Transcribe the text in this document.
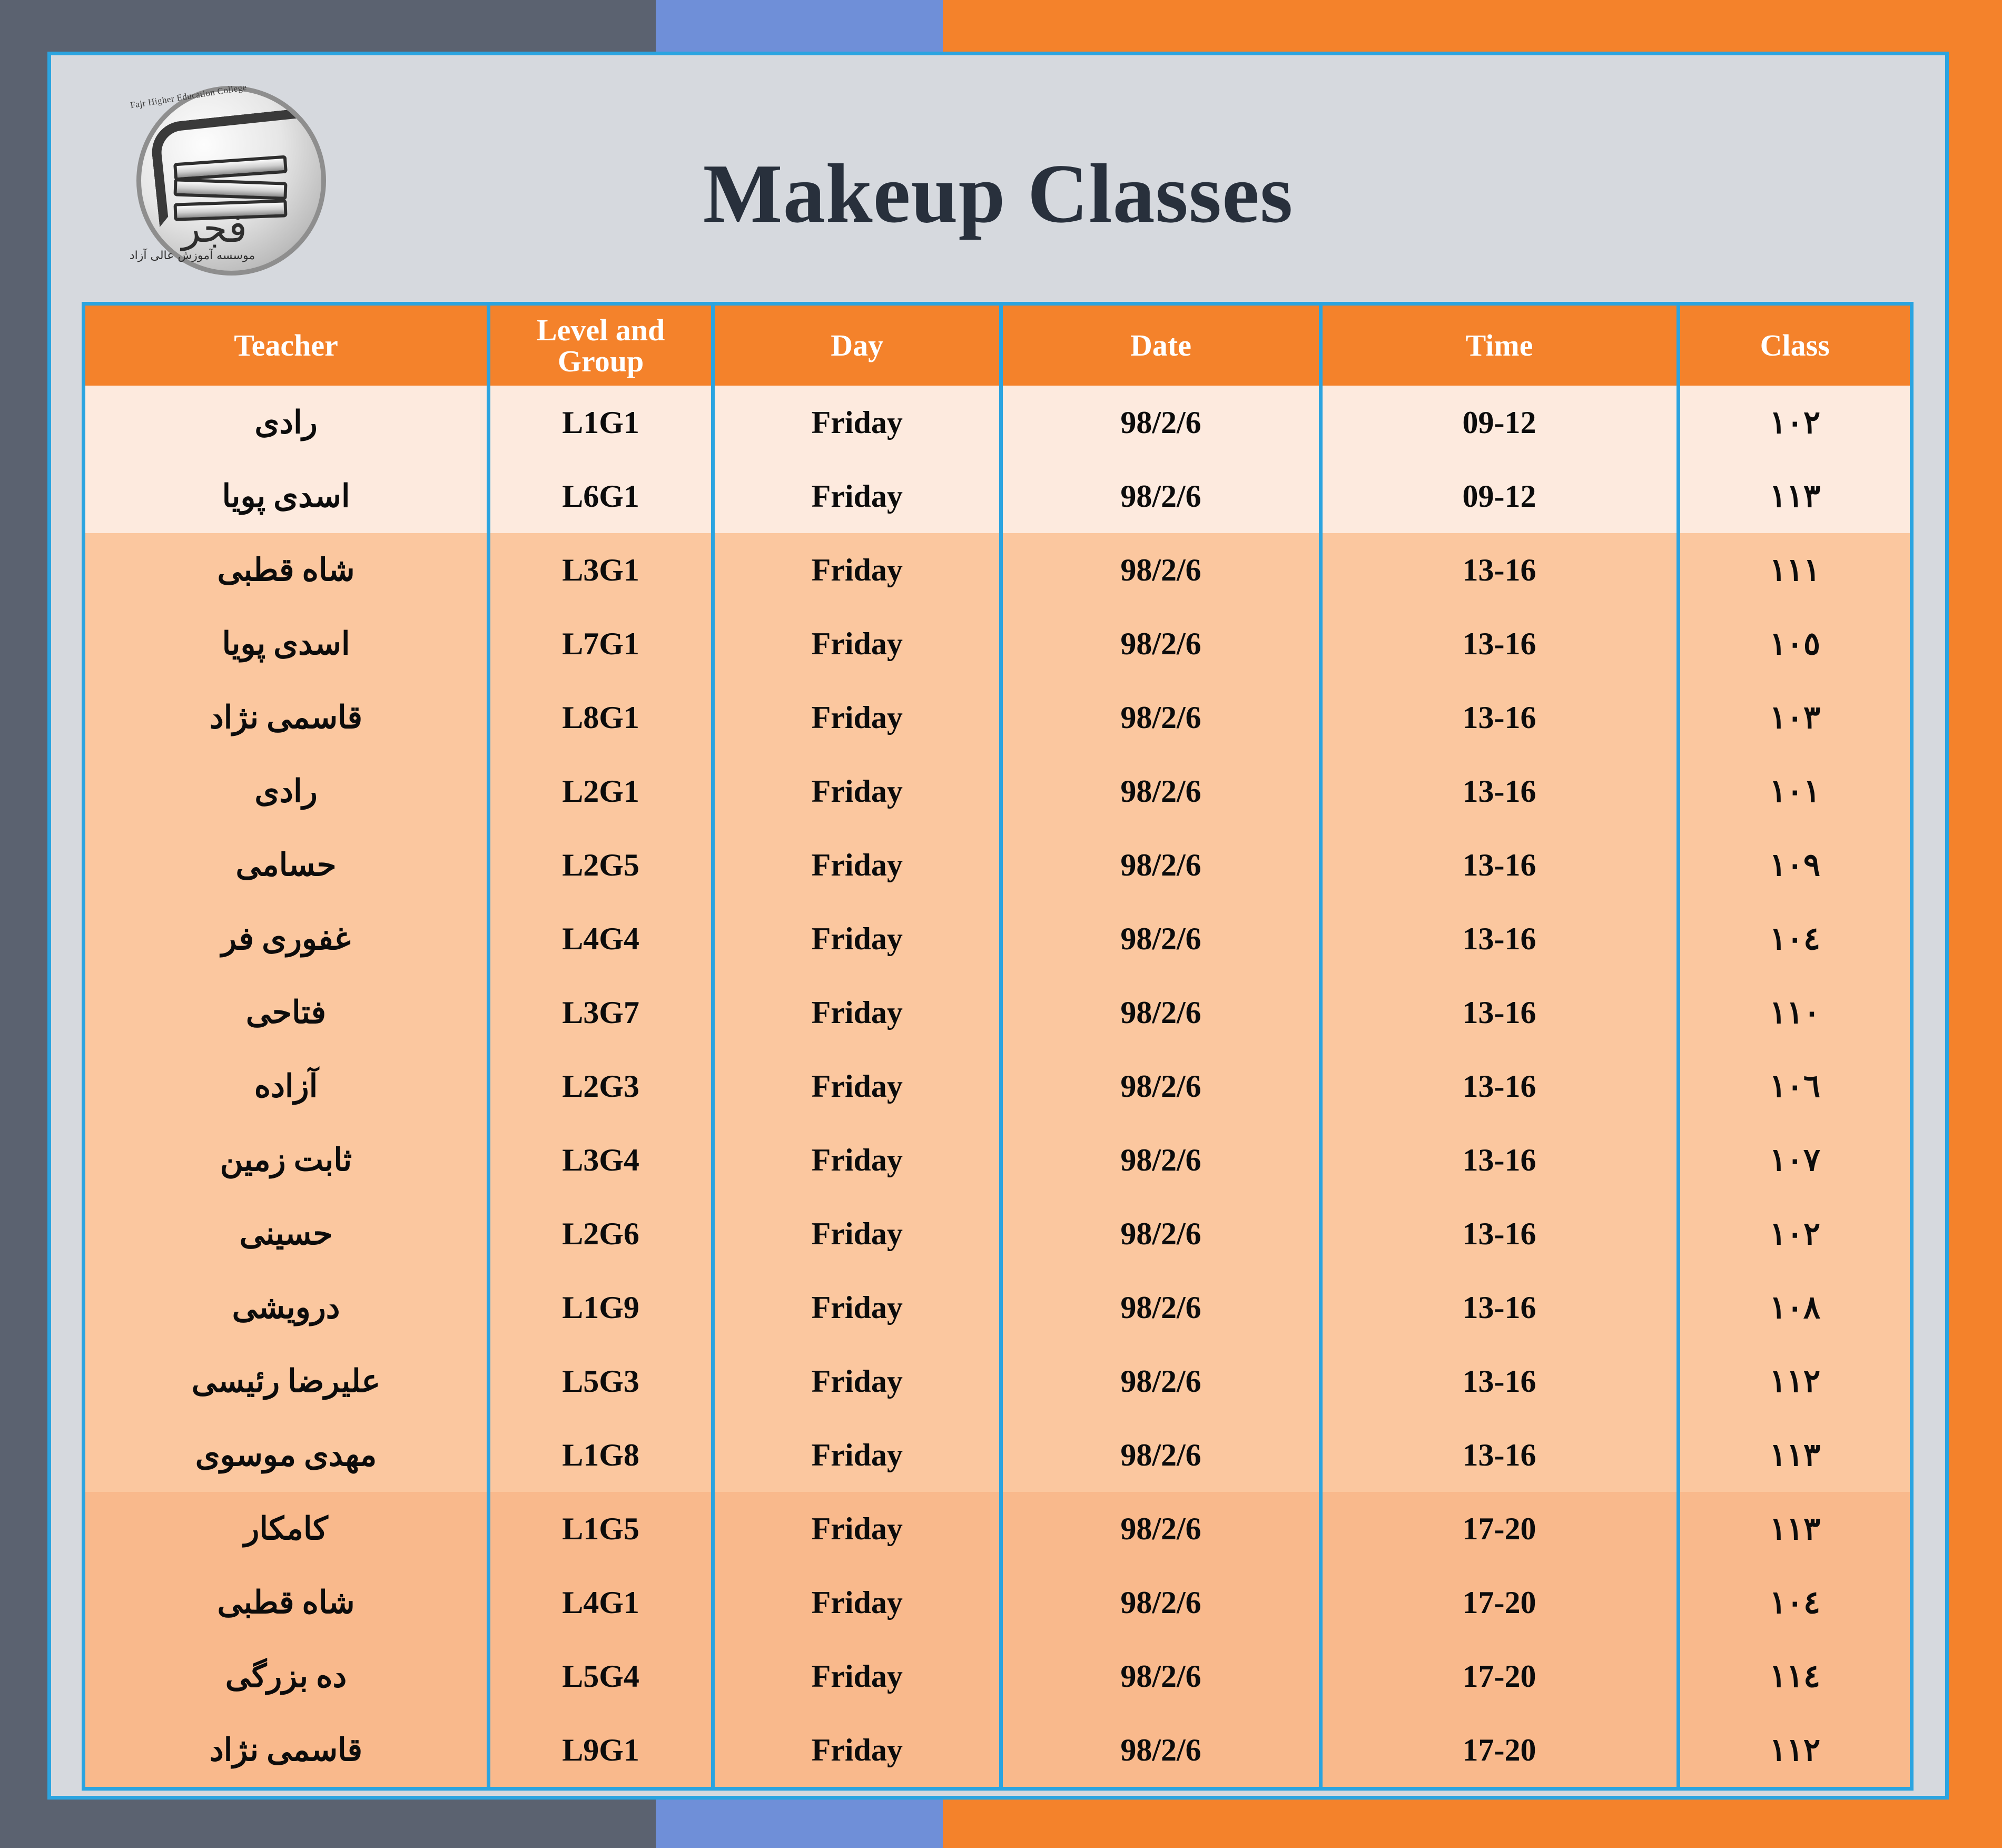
Fajr Higher Education College
فجر
موسسه آموزش عالی آزاد
Makeup Classes
Teacher	Level and Group	Day	Date	Time	Class
رادی	L1G1	Friday	98/2/6	09-12	١٠٢
اسدی پویا	L6G1	Friday	98/2/6	09-12	١١٣
شاه قطبی	L3G1	Friday	98/2/6	13-16	١١١
اسدی پویا	L7G1	Friday	98/2/6	13-16	١٠٥
قاسمی نژاد	L8G1	Friday	98/2/6	13-16	١٠٣
رادی	L2G1	Friday	98/2/6	13-16	١٠١
حسامی	L2G5	Friday	98/2/6	13-16	١٠٩
غفوری فر	L4G4	Friday	98/2/6	13-16	١٠٤
فتاحی	L3G7	Friday	98/2/6	13-16	١١٠
آزاده	L2G3	Friday	98/2/6	13-16	١٠٦
ثابت زمین	L3G4	Friday	98/2/6	13-16	١٠٧
حسینی	L2G6	Friday	98/2/6	13-16	١٠٢
درویشی	L1G9	Friday	98/2/6	13-16	١٠٨
علیرضا رئیسی	L5G3	Friday	98/2/6	13-16	١١٢
مهدی موسوی	L1G8	Friday	98/2/6	13-16	١١٣
کامکار	L1G5	Friday	98/2/6	17-20	١١٣
شاه قطبی	L4G1	Friday	98/2/6	17-20	١٠٤
ده بزرگی	L5G4	Friday	98/2/6	17-20	١١٤
قاسمی نژاد	L9G1	Friday	98/2/6	17-20	١١٢
